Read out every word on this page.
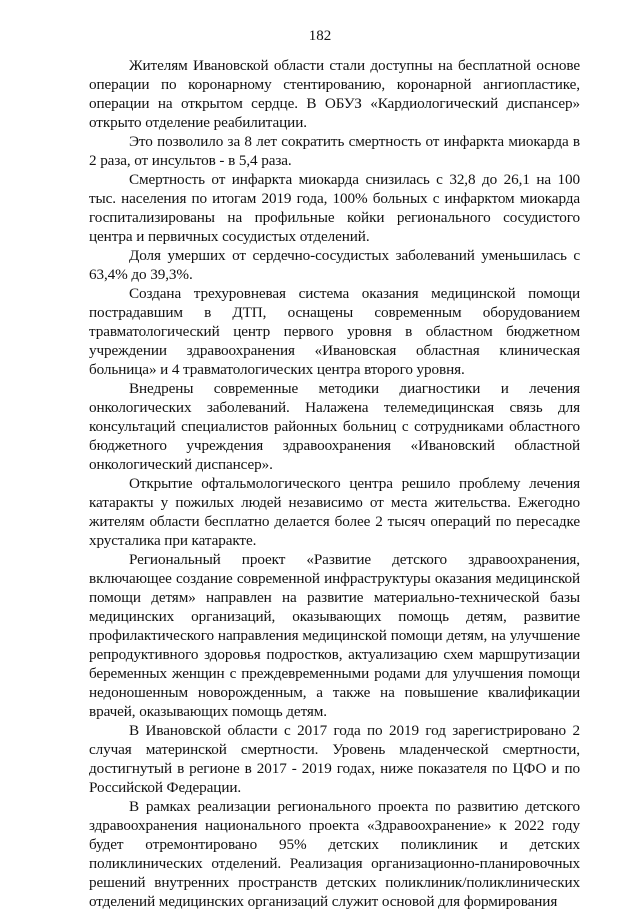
182

Жителям Ивановской области стали доступны на бесплатной основе операции по коронарному стентированию, коронарной ангиопластике, операции на открытом сердце. В ОБУЗ «Кардиологический диспансер» открыто отделение реабилитации.

Это позволило за 8 лет сократить смертность от инфаркта миокарда в 2 раза, от инсультов - в 5,4 раза.

Смертность от инфаркта миокарда снизилась с 32,8 до 26,1 на 100 тыс. населения по итогам 2019 года, 100% больных с инфарктом миокарда госпитализированы на профильные койки регионального сосудистого центра и первичных сосудистых отделений.

Доля умерших от сердечно-сосудистых заболеваний уменьшилась с 63,4% до 39,3%.

Создана трехуровневая система оказания медицинской помощи пострадавшим в ДТП, оснащены современным оборудованием травматологический центр первого уровня в областном бюджетном учреждении здравоохранения «Ивановская областная клиническая больница» и 4 травматологических центра второго уровня.

Внедрены современные методики диагностики и лечения онкологических заболеваний. Налажена телемедицинская связь для консультаций специалистов районных больниц с сотрудниками областного бюджетного учреждения здравоохранения «Ивановский областной онкологический диспансер».

Открытие офтальмологического центра решило проблему лечения катаракты у пожилых людей независимо от места жительства. Ежегодно жителям области бесплатно делается более 2 тысяч операций по пересадке хрусталика при катаракте.

Региональный проект «Развитие детского здравоохранения, включающее создание современной инфраструктуры оказания медицинской помощи детям» направлен на развитие материально-технической базы медицинских организаций, оказывающих помощь детям, развитие профилактического направления медицинской помощи детям, на улучшение репродуктивного здоровья подростков, актуализацию схем маршрутизации беременных женщин с преждевременными родами для улучшения помощи недоношенным новорожденным, а также на повышение квалификации врачей, оказывающих помощь детям.

В Ивановской области с 2017 года по 2019 год зарегистрировано 2 случая материнской смертности. Уровень младенческой смертности, достигнутый в регионе в 2017 - 2019 годах, ниже показателя по ЦФО и по Российской Федерации.

В рамках реализации регионального проекта по развитию детского здравоохранения национального проекта «Здравоохранение» к 2022 году будет отремонтировано 95% детских поликлиник и детских поликлинических отделений. Реализация организационно-планировочных решений внутренних пространств детских поликлиник/поликлинических отделений медицинских организаций служит основой для формирования
